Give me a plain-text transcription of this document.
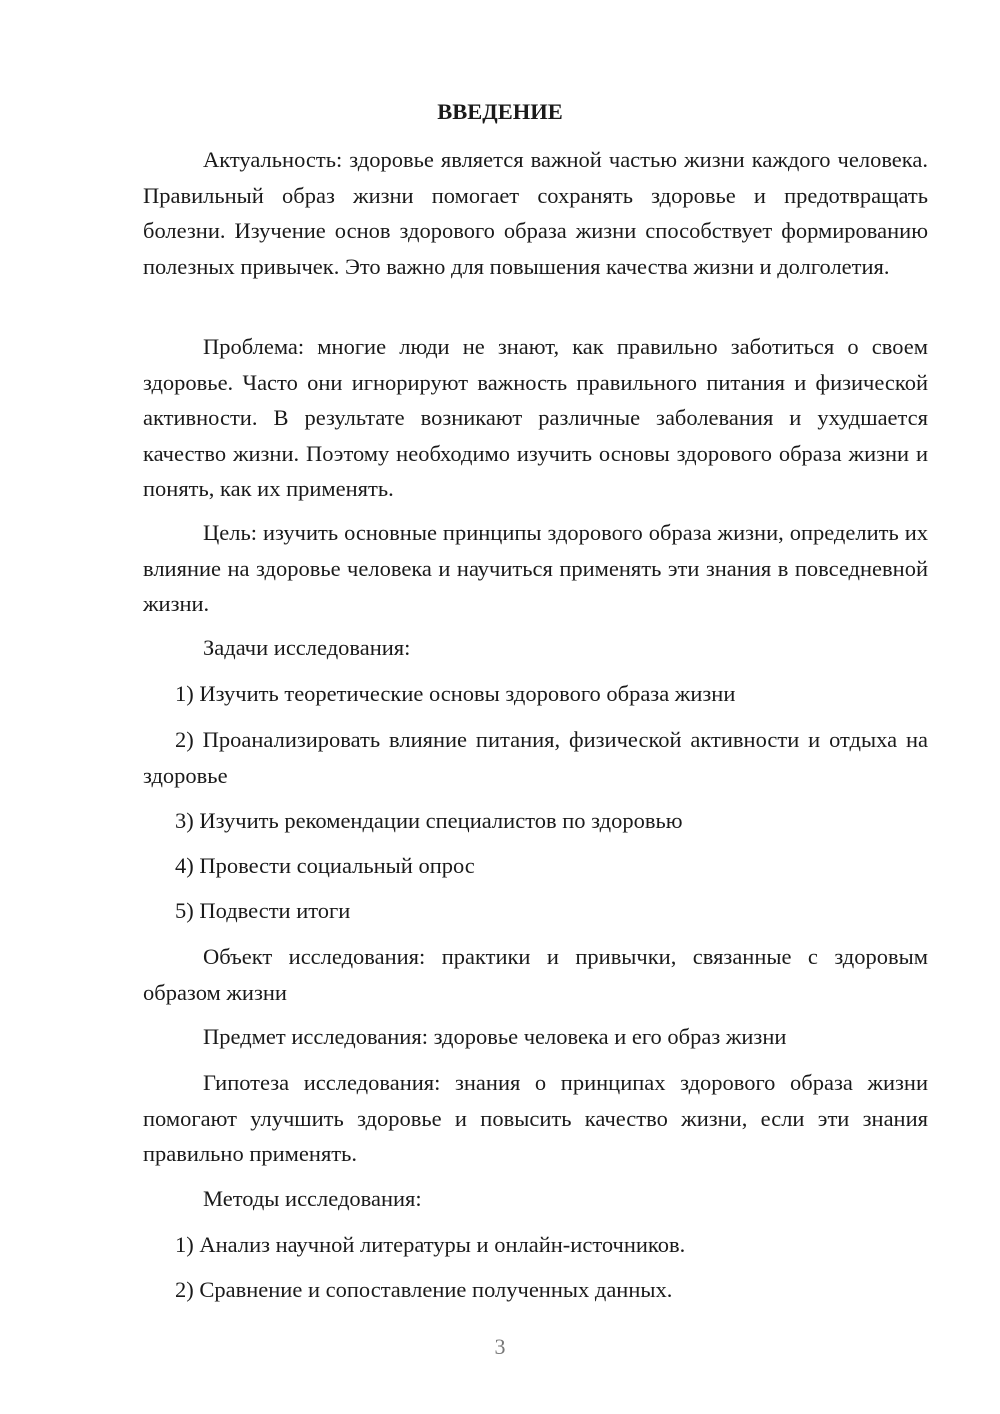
ВВЕДЕНИЕ

Актуальность: здоровье является важной частью жизни каждого человека. Правильный образ жизни помогает сохранять здоровье и предотвращать болезни. Изучение основ здорового образа жизни способствует формированию полезных привычек. Это важно для повышения качества жизни и долголетия.

Проблема: многие люди не знают, как правильно заботиться о своем здоровье. Часто они игнорируют важность правильного питания и физической активности. В результате возникают различные заболевания и ухудшается качество жизни. Поэтому необходимо изучить основы здорового образа жизни и понять, как их применять.

Цель: изучить основные принципы здорового образа жизни, определить их влияние на здоровье человека и научиться применять эти знания в повседневной жизни.

Задачи исследования:

1) Изучить теоретические основы здорового образа жизни

2) Проанализировать влияние питания, физической активности и отдыха на здоровье

3) Изучить рекомендации специалистов по здоровью

4) Провести социальный опрос

5) Подвести итоги

Объект исследования: практики и привычки, связанные с здоровым образом жизни

Предмет исследования: здоровье человека и его образ жизни

Гипотеза исследования: знания о принципах здорового образа жизни помогают улучшить здоровье и повысить качество жизни, если эти знания правильно применять.

Методы исследования:

1) Анализ научной литературы и онлайн-источников.

2) Сравнение и сопоставление полученных данных.

3
